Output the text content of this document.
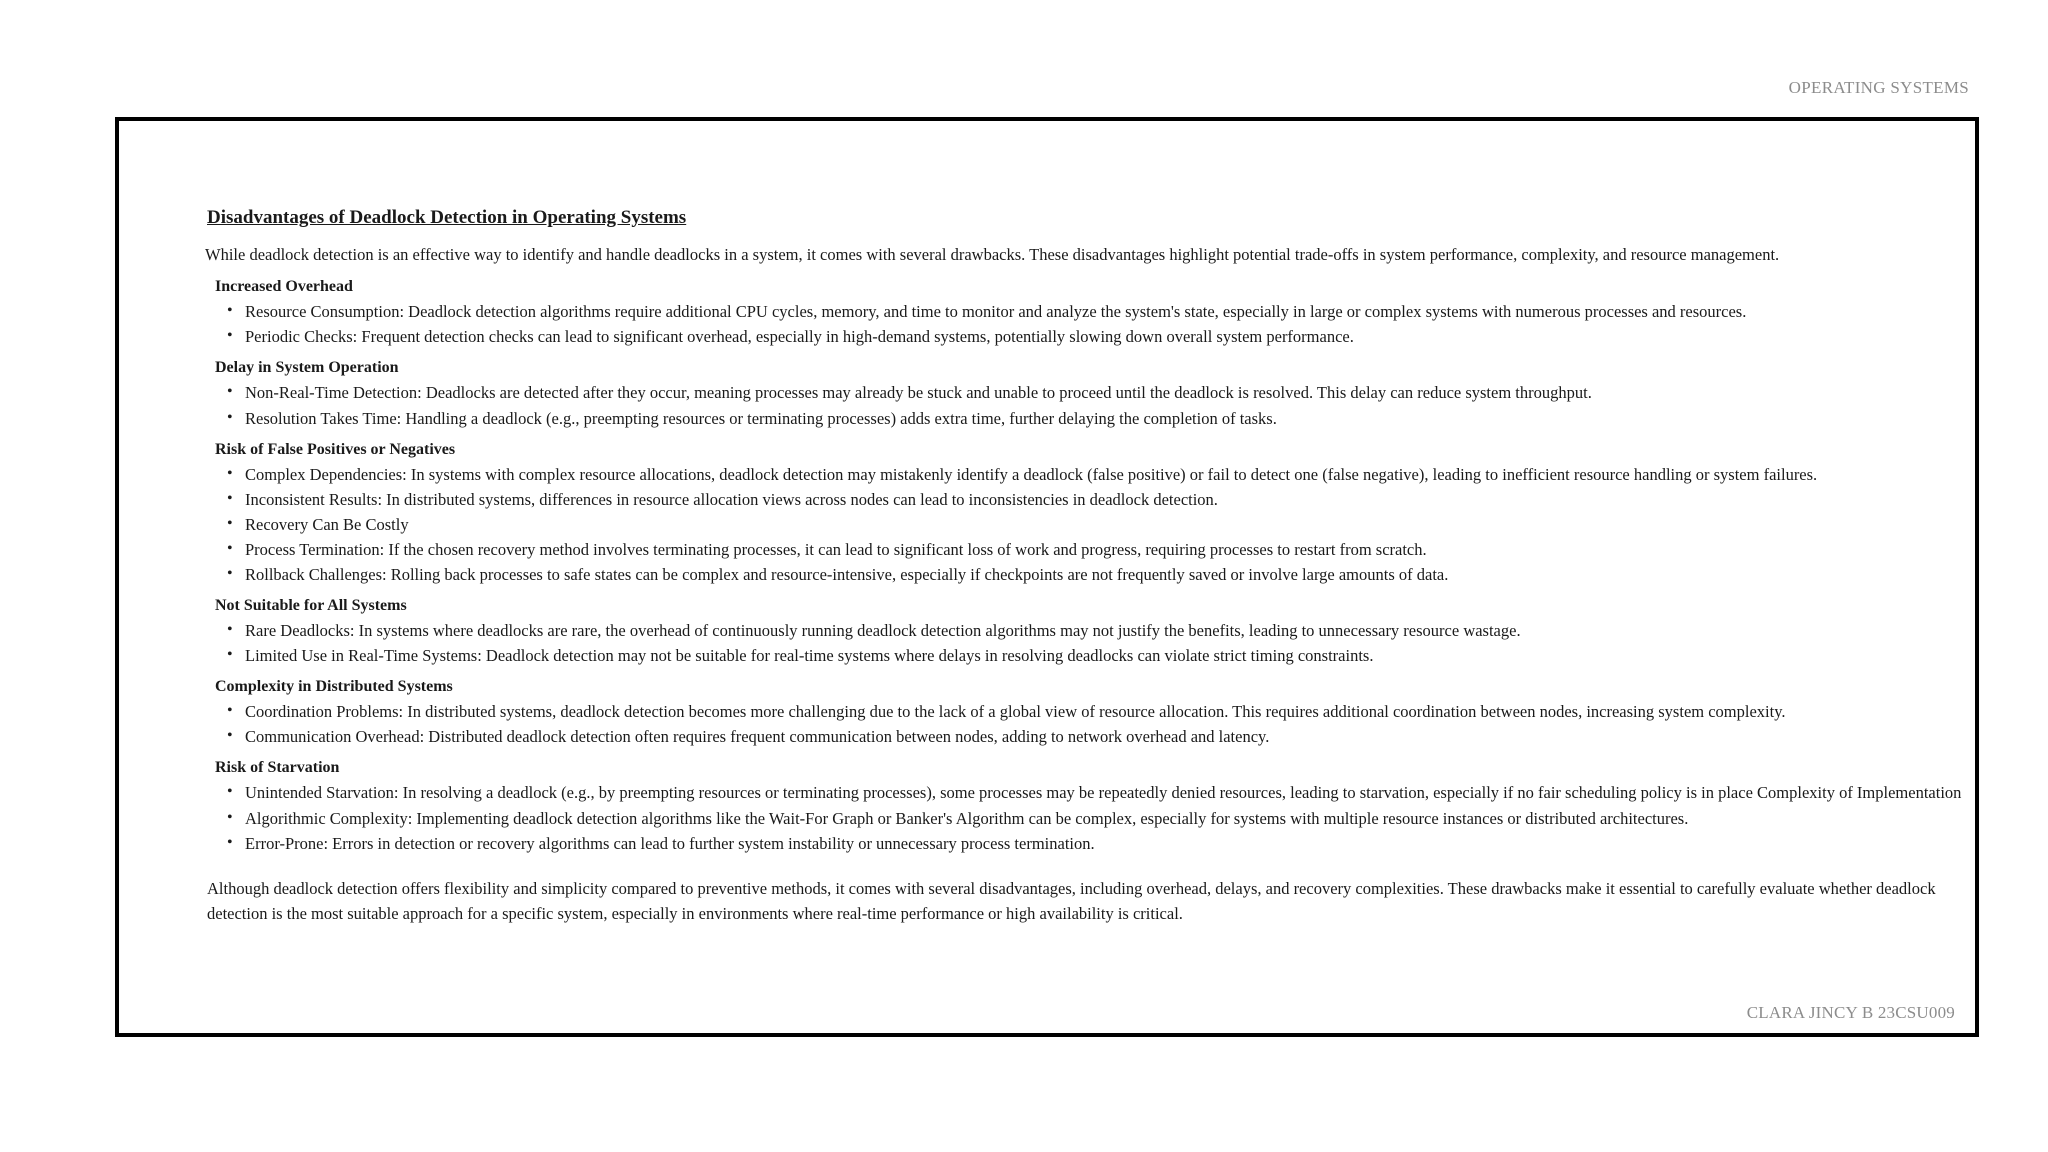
OPERATING SYSTEMS
Disadvantages of Deadlock Detection in Operating Systems

While deadlock detection is an effective way to identify and handle deadlocks in a system, it comes with several drawbacks. These disadvantages highlight potential trade-offs in system performance, complexity, and resource management.

Increased Overhead
• Resource Consumption: Deadlock detection algorithms require additional CPU cycles, memory, and time to monitor and analyze the system's state, especially in large or complex systems with numerous processes and resources.
• Periodic Checks: Frequent detection checks can lead to significant overhead, especially in high-demand systems, potentially slowing down overall system performance.
Delay in System Operation
• Non-Real-Time Detection: Deadlocks are detected after they occur, meaning processes may already be stuck and unable to proceed until the deadlock is resolved. This delay can reduce system throughput.
• Resolution Takes Time: Handling a deadlock (e.g., preempting resources or terminating processes) adds extra time, further delaying the completion of tasks.
Risk of False Positives or Negatives
• Complex Dependencies: In systems with complex resource allocations, deadlock detection may mistakenly identify a deadlock (false positive) or fail to detect one (false negative), leading to inefficient resource handling or system failures.
• Inconsistent Results: In distributed systems, differences in resource allocation views across nodes can lead to inconsistencies in deadlock detection.
• Recovery Can Be Costly
• Process Termination: If the chosen recovery method involves terminating processes, it can lead to significant loss of work and progress, requiring processes to restart from scratch.
• Rollback Challenges: Rolling back processes to safe states can be complex and resource-intensive, especially if checkpoints are not frequently saved or involve large amounts of data.
Not Suitable for All Systems
• Rare Deadlocks: In systems where deadlocks are rare, the overhead of continuously running deadlock detection algorithms may not justify the benefits, leading to unnecessary resource wastage.
• Limited Use in Real-Time Systems: Deadlock detection may not be suitable for real-time systems where delays in resolving deadlocks can violate strict timing constraints.
Complexity in Distributed Systems
• Coordination Problems: In distributed systems, deadlock detection becomes more challenging due to the lack of a global view of resource allocation. This requires additional coordination between nodes, increasing system complexity.
• Communication Overhead: Distributed deadlock detection often requires frequent communication between nodes, adding to network overhead and latency.
Risk of Starvation
• Unintended Starvation: In resolving a deadlock (e.g., by preempting resources or terminating processes), some processes may be repeatedly denied resources, leading to starvation, especially if no fair scheduling policy is in place Complexity of Implementation
• Algorithmic Complexity: Implementing deadlock detection algorithms like the Wait-For Graph or Banker's Algorithm can be complex, especially for systems with multiple resource instances or distributed architectures.
• Error-Prone: Errors in detection or recovery algorithms can lead to further system instability or unnecessary process termination.

Although deadlock detection offers flexibility and simplicity compared to preventive methods, it comes with several disadvantages, including overhead, delays, and recovery complexities. These drawbacks make it essential to carefully evaluate whether deadlock detection is the most suitable approach for a specific system, especially in environments where real-time performance or high availability is critical.

CLARA JINCY B 23CSU009
